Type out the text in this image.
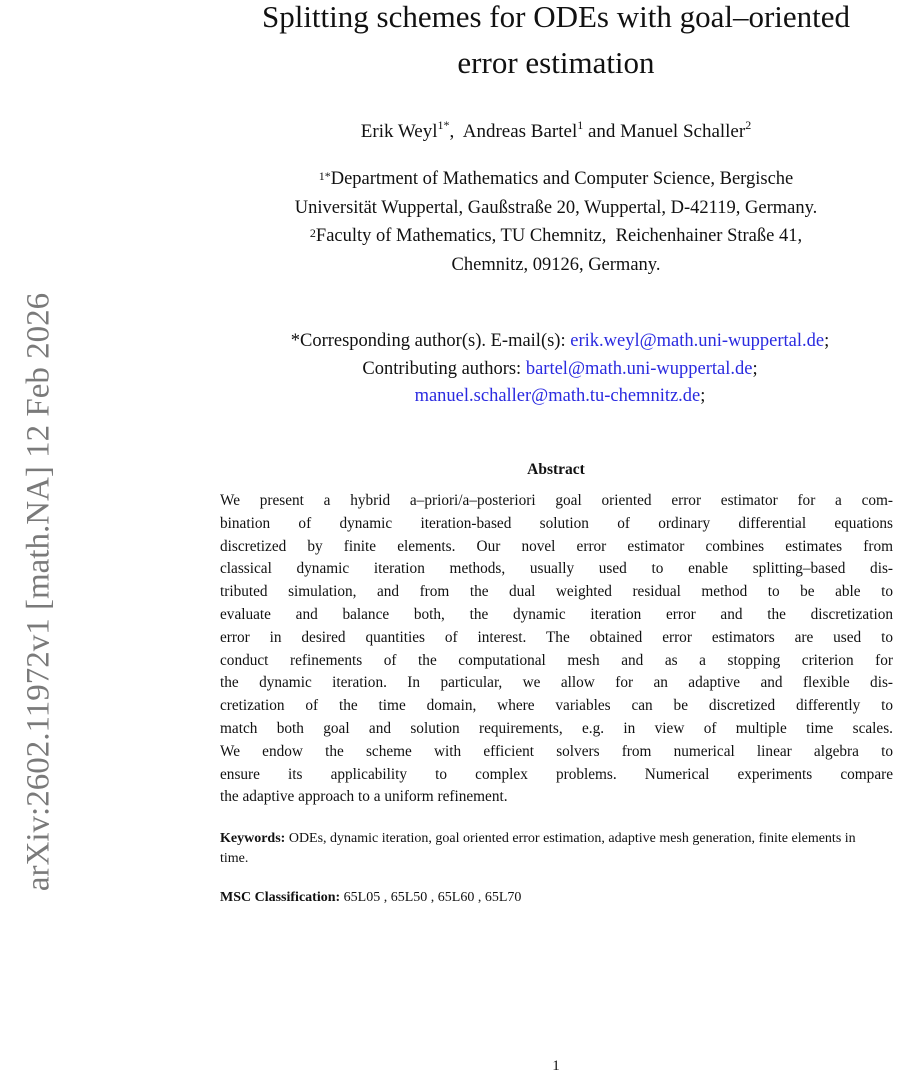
arXiv:2602.11972v1 [math.NA] 12 Feb 2026
Splitting schemes for ODEs with goal–oriented
error estimation
Erik Weyl$^{1*}$,  Andreas Bartel$^1$ and Manuel Schaller$^2$
$^{1*}$Department of Mathematics and Computer Science, Bergische
Universität Wuppertal, Gaußstraße 20, Wuppertal, D-42119, Germany.
$^2$Faculty of Mathematics, TU Chemnitz,  Reichenhainer Straße 41,
Chemnitz, 09126, Germany.
*Corresponding author(s). E-mail(s): erik.weyl@math.uni-wuppertal.de;
Contributing authors: bartel@math.uni-wuppertal.de;
manuel.schaller@math.tu-chemnitz.de;
Abstract
We present a hybrid a–priori/a–posteriori goal oriented error estimator for a com-
bination of dynamic iteration-based solution of ordinary differential equations
discretized by finite elements. Our novel error estimator combines estimates from
classical dynamic iteration methods, usually used to enable splitting–based dis-
tributed simulation, and from the dual weighted residual method to be able to
evaluate and balance both, the dynamic iteration error and the discretization
error in desired quantities of interest. The obtained error estimators are used to
conduct refinements of the computational mesh and as a stopping criterion for
the dynamic iteration. In particular, we allow for an adaptive and flexible dis-
cretization of the time domain, where variables can be discretized differently to
match both goal and solution requirements, e.g. in view of multiple time scales.
We endow the scheme with efficient solvers from numerical linear algebra to
ensure its applicability to complex problems. Numerical experiments compare
the adaptive approach to a uniform refinement.
Keywords: ODEs, dynamic iteration, goal oriented error estimation, adaptive mesh generation, finite elements in time.
MSC Classification: 65L05 , 65L50 , 65L60 , 65L70
1
